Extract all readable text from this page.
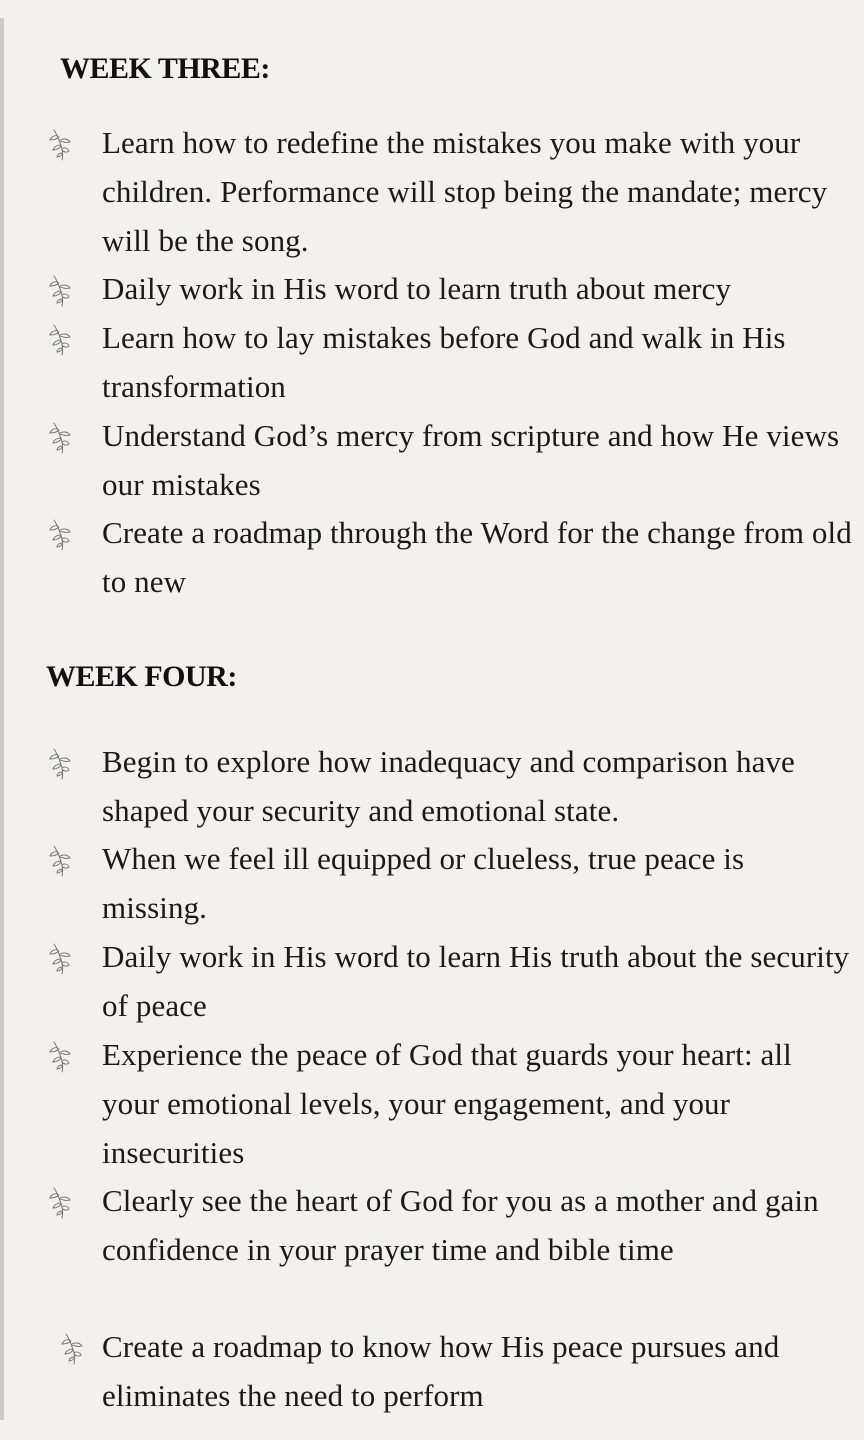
WEEK THREE:
Learn how to redefine the mistakes you make with your children. Performance will stop being the mandate; mercy will be the song.
Daily work in His word to learn truth about mercy
Learn how to lay mistakes before God and walk in His transformation
Understand God’s mercy from scripture and how He views our mistakes
Create a roadmap through the Word for the change from old to new
WEEK FOUR:
Begin to explore how inadequacy and comparison have shaped your security and emotional state.
When we feel ill equipped or clueless, true peace is missing.
Daily work in His word to learn His truth about the security of peace
Experience the peace of God that guards your heart: all your emotional levels, your engagement, and your insecurities
Clearly see the heart of God for you as a mother and gain confidence in your prayer time and bible time
Create a roadmap to know how His peace pursues and eliminates the need to perform
